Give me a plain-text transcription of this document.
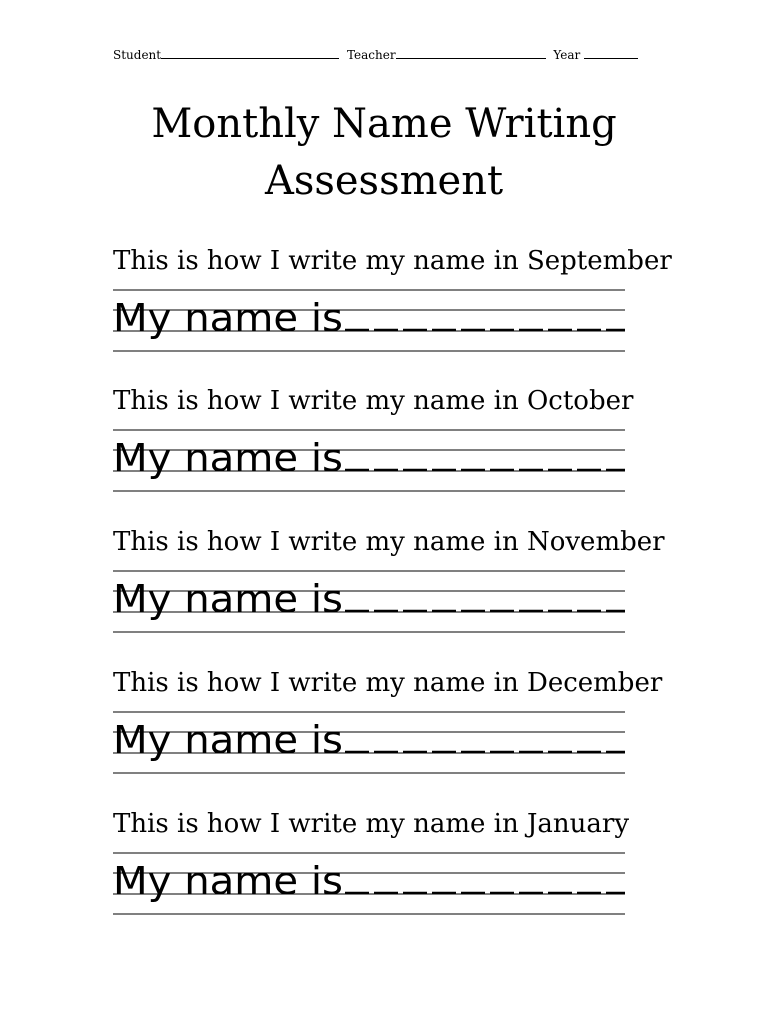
Student	Teacher	Year
Monthly Name Writing
Assessment
This is how I write my name in September
My name is
This is how I write my name in October
My name is
This is how I write my name in November
My name is
This is how I write my name in December
My name is
This is how I write my name in January
My name is
